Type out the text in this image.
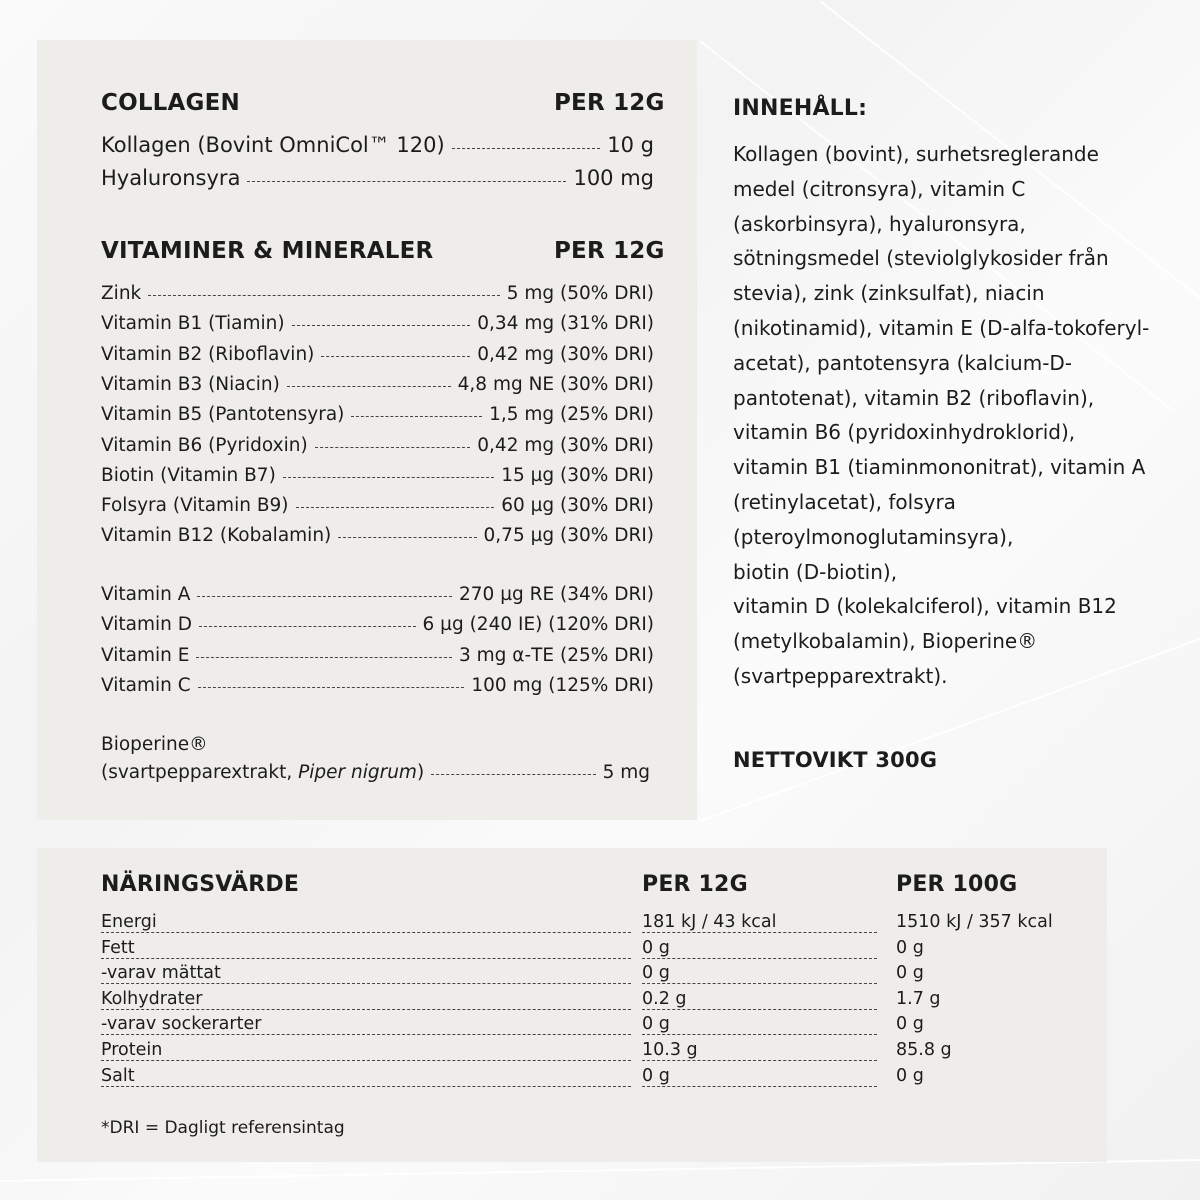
COLLAGEN	PER 12G
Kollagen (Bovint OmniCol™ 120)	10 g
Hyaluronsyra	100 mg
VITAMINER & MINERALER	PER 12G
Zink	5 mg (50% DRI)
Vitamin B1 (Tiamin)	0,34 mg (31% DRI)
Vitamin B2 (Riboflavin)	0,42 mg (30% DRI)
Vitamin B3 (Niacin)	4,8 mg NE (30% DRI)
Vitamin B5 (Pantotensyra)	1,5 mg (25% DRI)
Vitamin B6 (Pyridoxin)	0,42 mg (30% DRI)
Biotin (Vitamin B7)	15 µg (30% DRI)
Folsyra (Vitamin B9)	60 µg (30% DRI)
Vitamin B12 (Kobalamin)	0,75 µg (30% DRI)
Vitamin A	270 µg RE (34% DRI)
Vitamin D	6 µg (240 IE) (120% DRI)
Vitamin E	3 mg α-TE (25% DRI)
Vitamin C	100 mg (125% DRI)
Bioperine®
(svartpepparextrakt, Piper nigrum)	5 mg
INNEHÅLL:
Kollagen (bovint), surhetsreglerande
medel (citronsyra), vitamin C
(askorbinsyra), hyaluronsyra,
sötningsmedel (steviolglykosider från
stevia), zink (zinksulfat), niacin
(nikotinamid), vitamin E (D-alfa-tokoferyl-
acetat), pantotensyra (kalcium-D-
pantotenat), vitamin B2 (riboflavin),
vitamin B6 (pyridoxinhydroklorid),
vitamin B1 (tiaminmononitrat), vitamin A
(retinylacetat), folsyra
(pteroylmonoglutaminsyra),
biotin (D-biotin),
vitamin D (kolekalciferol), vitamin B12
(metylkobalamin), Bioperine®
(svartpepparextrakt).
NETTOVIKT 300G
NÄRINGSVÄRDE	PER 12G	PER 100G
Energi	181 kJ / 43 kcal	1510 kJ / 357 kcal
Fett	0 g	0 g
-varav mättat	0 g	0 g
Kolhydrater	0.2 g	1.7 g
-varav sockerarter	0 g	0 g
Protein	10.3 g	85.8 g
Salt	0 g	0 g
*DRI = Dagligt referensintag
